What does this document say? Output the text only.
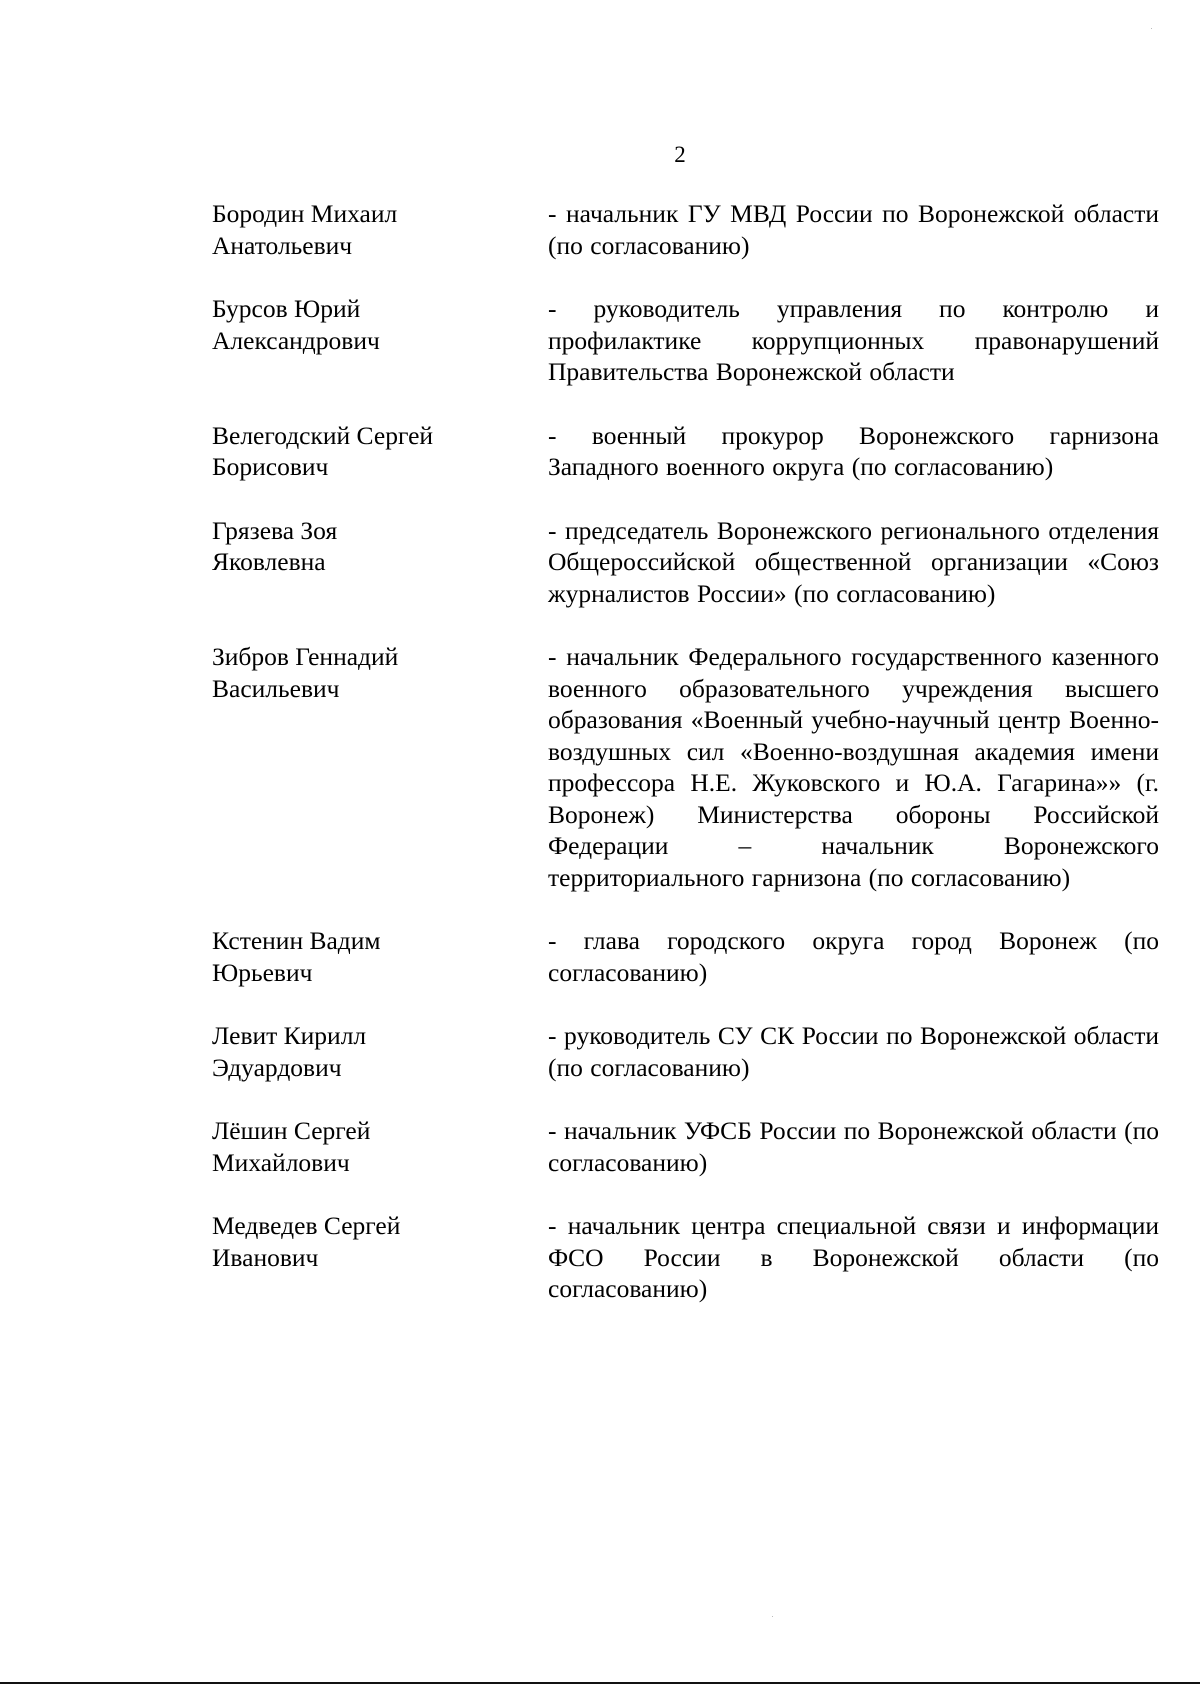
2
Бородин Михаил
Анатольевич
- начальник ГУ МВД России по Воронежской области (по согласованию)
Бурсов Юрий
Александрович
- руководитель управления по контролю и профилактике коррупционных правонарушений Правительства Воронежской области
Велегодский Сергей
Борисович
- военный прокурор Воронежского гарнизона Западного военного округа (по согласованию)
Грязева Зоя
Яковлевна
- председатель Воронежского регионального отделения Общероссийской общественной организации «Союз журналистов России» (по согласованию)
Зибров Геннадий
Васильевич
- начальник Федерального государственного казенного военного образовательного учреждения высшего образования «Военный учебно-научный центр Военно-воздушных сил «Военно-воздушная академия имени профессора Н.Е. Жуковского и Ю.А. Гагарина»» (г. Воронеж) Министерства обороны Российской Федерации – начальник Воронежского территориального гарнизона (по согласованию)
Кстенин Вадим
Юрьевич
- глава городского округа город Воронеж (по согласованию)
Левит Кирилл
Эдуардович
- руководитель СУ СК России по Воронежской области (по согласованию)
Лёшин Сергей
Михайлович
- начальник УФСБ России по Воронежской области (по согласованию)
Медведев Сергей
Иванович
- начальник центра специальной связи и информации ФСО России в Воронежской области (по согласованию)
